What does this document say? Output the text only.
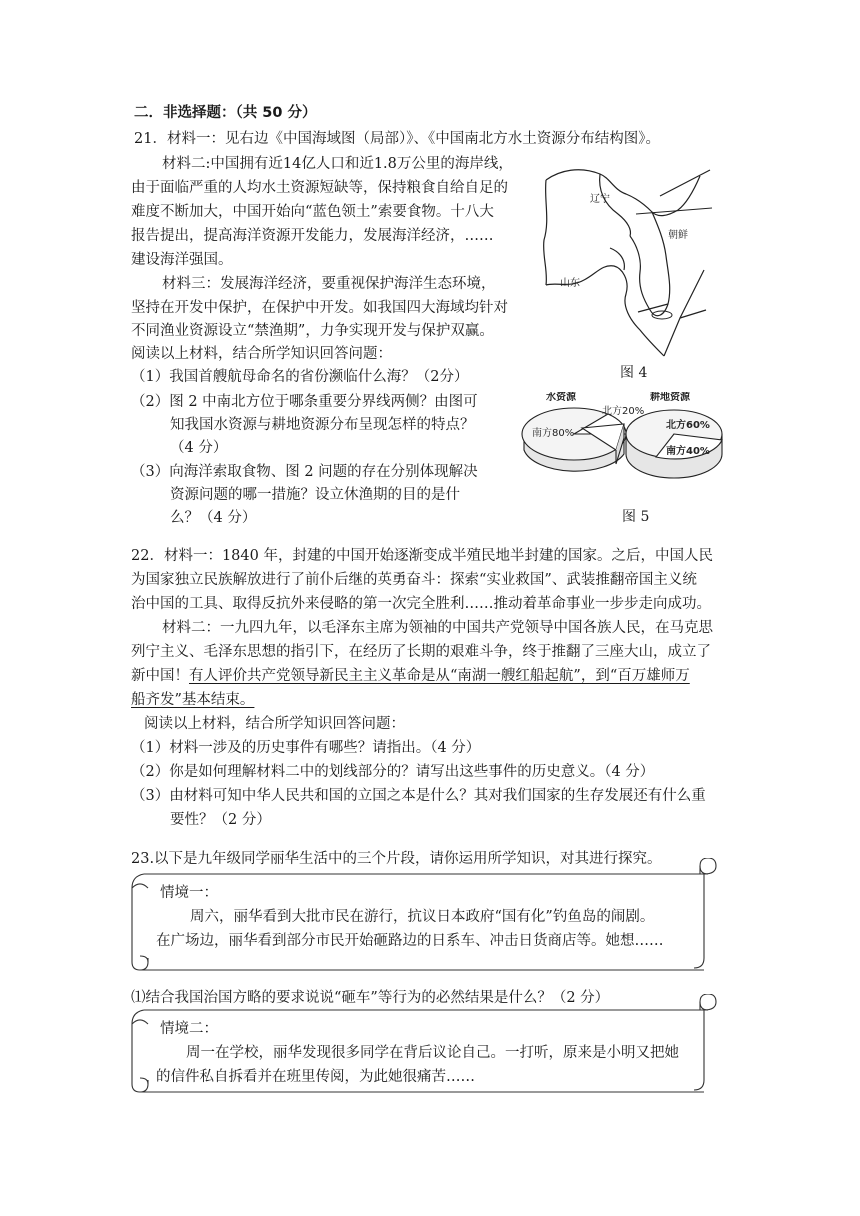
二．非选择题：（共 50 分）
21．材料一：见右边《中国海域图（局部）》、《中国南北方水土资源分布结构图》。
材料二:中国拥有近14亿人口和近1.8万公里的海岸线，
由于面临严重的人均水土资源短缺等，保持粮食自给自足的
难度不断加大，中国开始向“蓝色领土”索要食物。十八大
报告提出，提高海洋资源开发能力，发展海洋经济，……
建设海洋强国。
材料三：发展海洋经济，要重视保护海洋生态环境，
坚持在开发中保护，在保护中开发。如我国四大海域均针对
不同渔业资源设立“禁渔期”，力争实现开发与保护双赢。
阅读以上材料，结合所学知识回答问题：
（1）我国首艘航母命名的省份濒临什么海？（2分）
（2）图 2 中南北方位于哪条重要分界线两侧？由图可
知我国水资源与耕地资源分布呈现怎样的特点？
（4 分）
（3）向海洋索取食物、图 2 问题的存在分别体现解决
资源问题的哪一措施？设立休渔期的目的是什
么？（4 分）
辽宁
朝鲜
山东
图 4
水资源
北方20%
南方80%
耕地资源
北方60%
南方40%
图 5
22．材料一：1840 年，封建的中国开始逐渐变成半殖民地半封建的国家。之后，中国人民
为国家独立民族解放进行了前仆后继的英勇奋斗：探索“实业救国”、武装推翻帝国主义统
治中国的工具、取得反抗外来侵略的第一次完全胜利……推动着革命事业一步步走向成功。
材料二：一九四九年，以毛泽东主席为领袖的中国共产党领导中国各族人民，在马克思
列宁主义、毛泽东思想的指引下，在经历了长期的艰难斗争，终于推翻了三座大山，成立了
新中国！有人评价共产党领导新民主主义革命是从“南湖一艘红船起航”，到“百万雄师万
船齐发”基本结束。
阅读以上材料，结合所学知识回答问题：
（1）材料一涉及的历史事件有哪些？请指出。（4 分）
（2）你是如何理解材料二中的划线部分的？请写出这些事件的历史意义。（4 分）
（3）由材料可知中华人民共和国的立国之本是什么？其对我们国家的生存发展还有什么重
要性？（2 分）
23.以下是九年级同学丽华生活中的三个片段，请你运用所学知识，对其进行探究。
情境一：
周六，丽华看到大批市民在游行，抗议日本政府“国有化”钓鱼岛的闹剧。
在广场边，丽华看到部分市民开始砸路边的日系车、冲击日货商店等。她想……
⑴结合我国治国方略的要求说说“砸车”等行为的必然结果是什么？（2 分）
情境二：
周一在学校，丽华发现很多同学在背后议论自己。一打听，原来是小明又把她
的信件私自拆看并在班里传阅，为此她很痛苦……
